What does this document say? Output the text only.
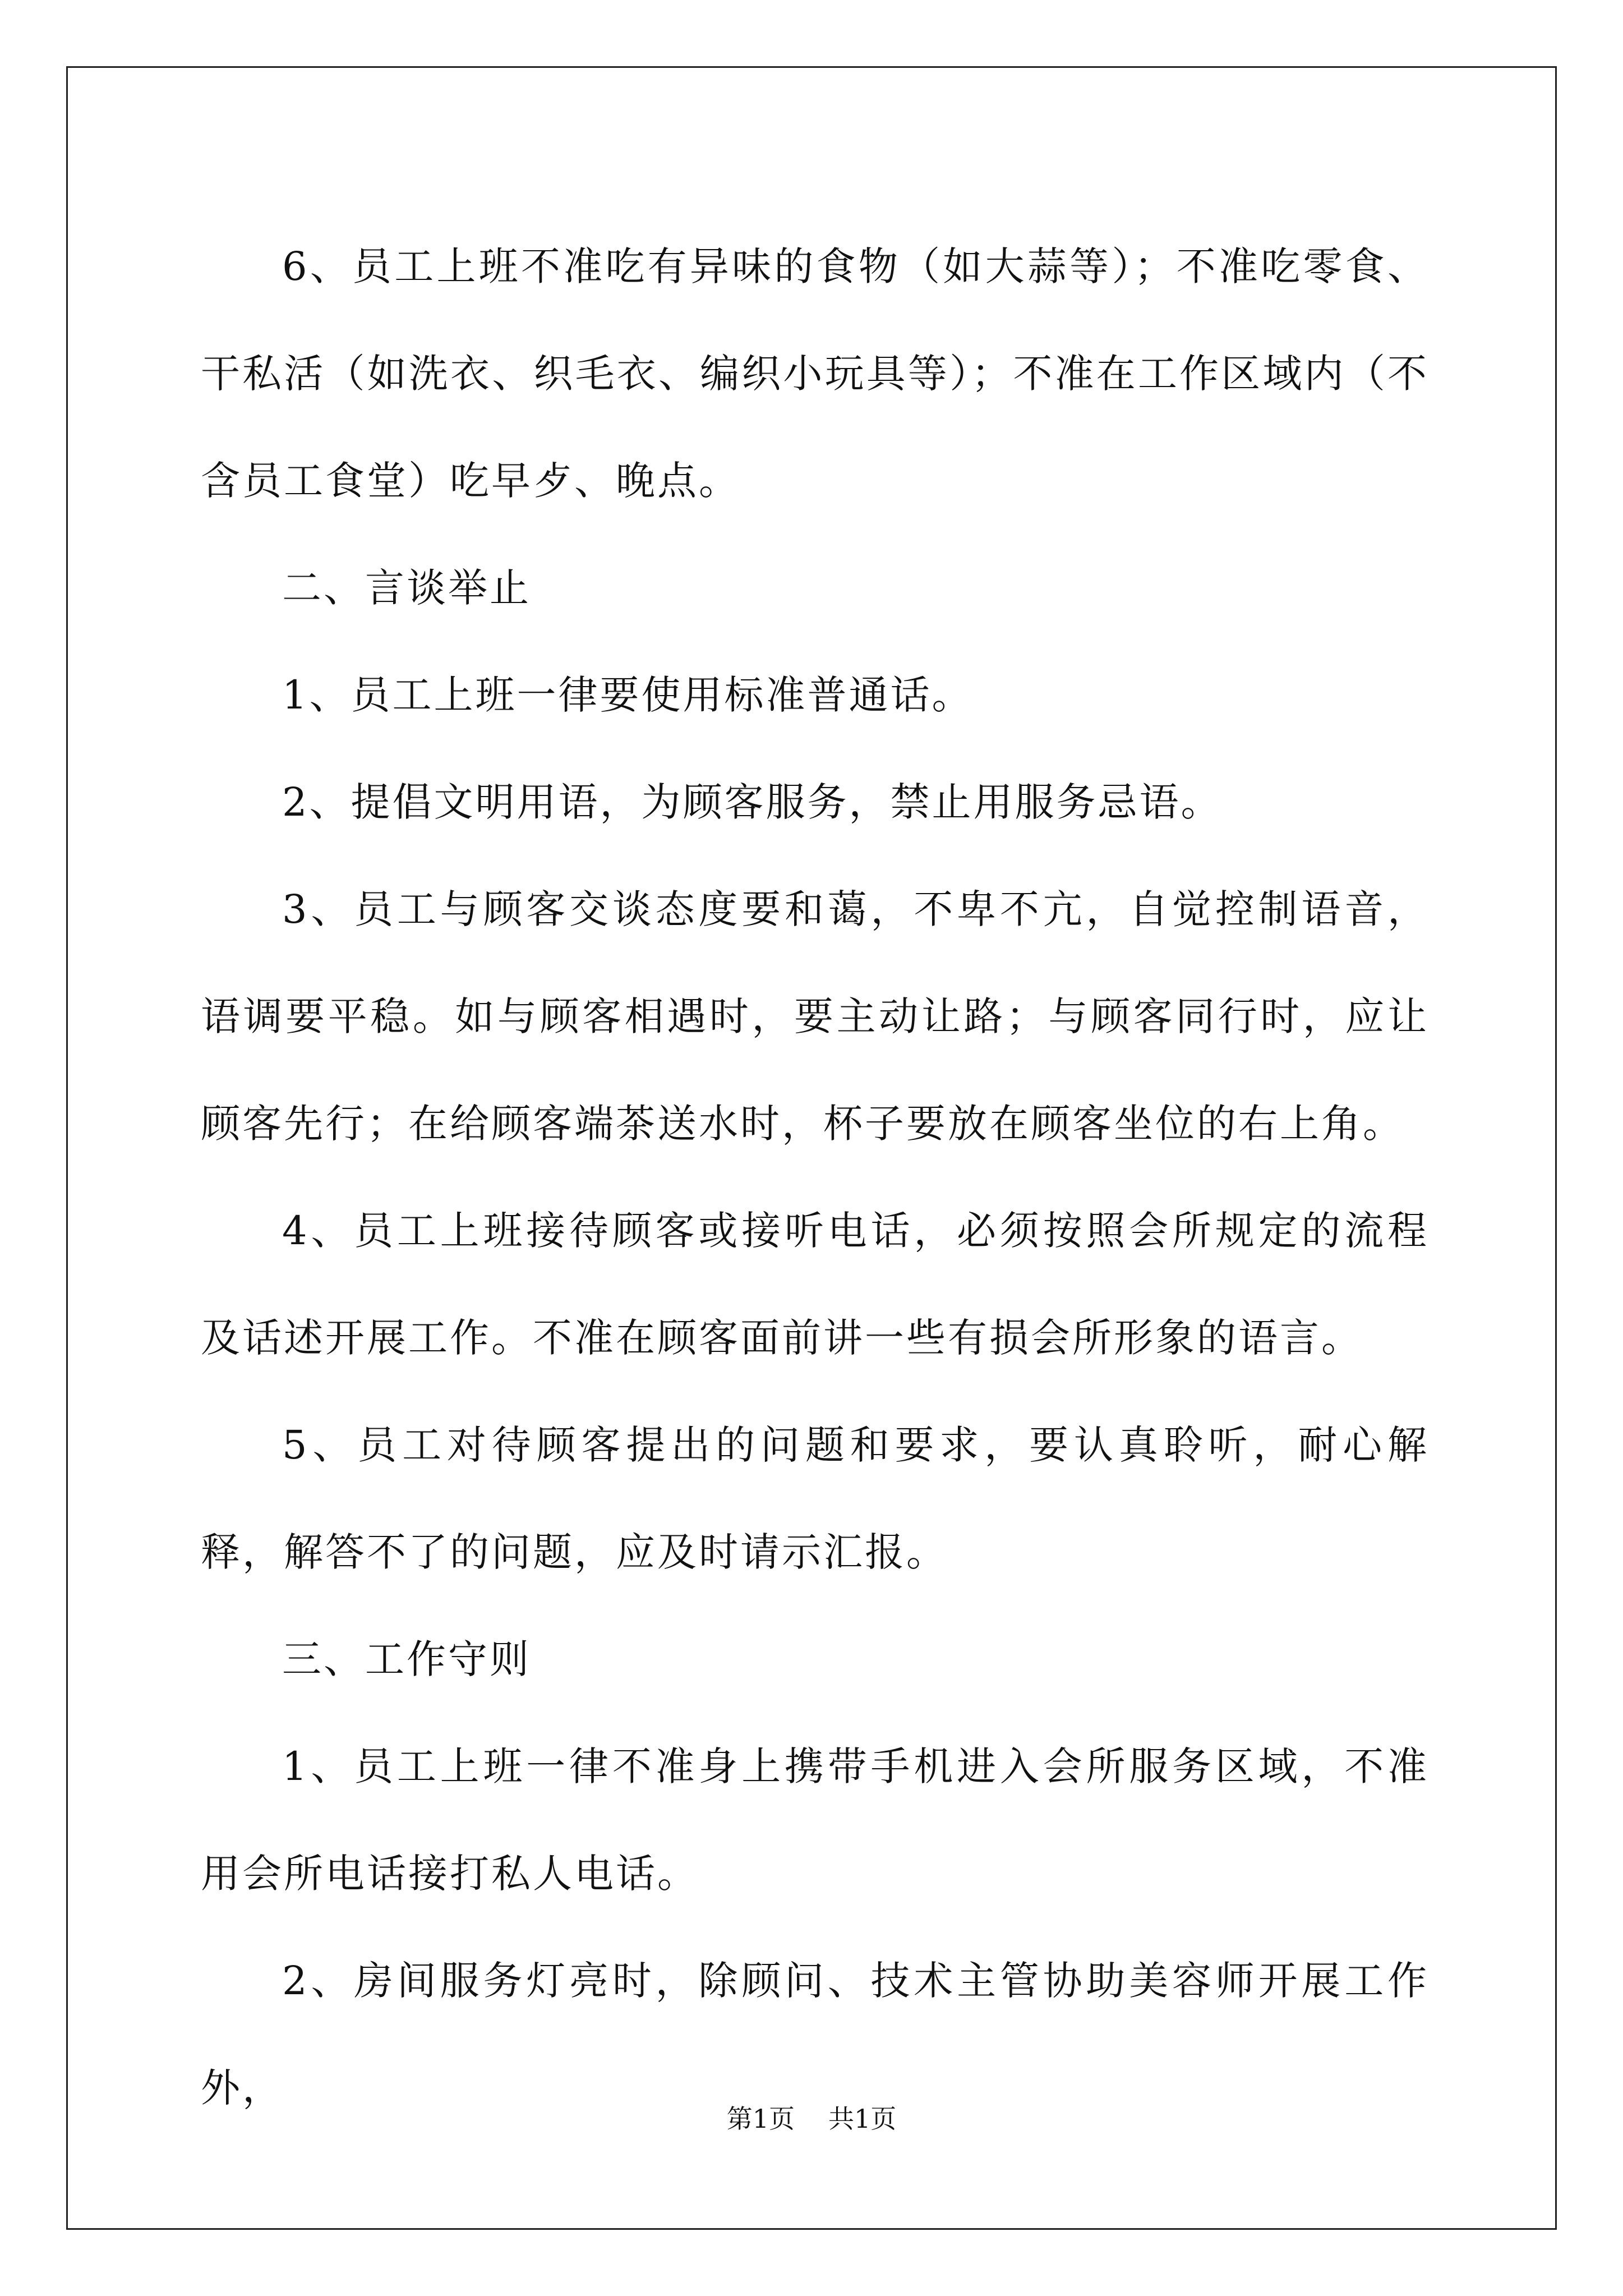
6、员工上班不准吃有异味的食物（如大蒜等）；不准吃零食、干私活（如洗衣、织毛衣、编织小玩具等）；不准在工作区域内（不含员工食堂）吃早歺、晚点。

二、言谈举止

1、员工上班一律要使用标准普通话。

2、提倡文明用语，为顾客服务，禁止用服务忌语。

3、员工与顾客交谈态度要和蔼，不卑不亢，自觉控制语音，语调要平稳。如与顾客相遇时，要主动让路；与顾客同行时，应让顾客先行；在给顾客端茶送水时，杯子要放在顾客坐位的右上角。

4、员工上班接待顾客或接听电话，必须按照会所规定的流程及话述开展工作。不准在顾客面前讲一些有损会所形象的语言。

5、员工对待顾客提出的问题和要求，要认真聆听，耐心解释，解答不了的问题，应及时请示汇报。

三、工作守则

1、员工上班一律不准身上携带手机进入会所服务区域，不准用会所电话接打私人电话。

2、房间服务灯亮时，除顾问、技术主管协助美容师开展工作外，

第1页 共1页
